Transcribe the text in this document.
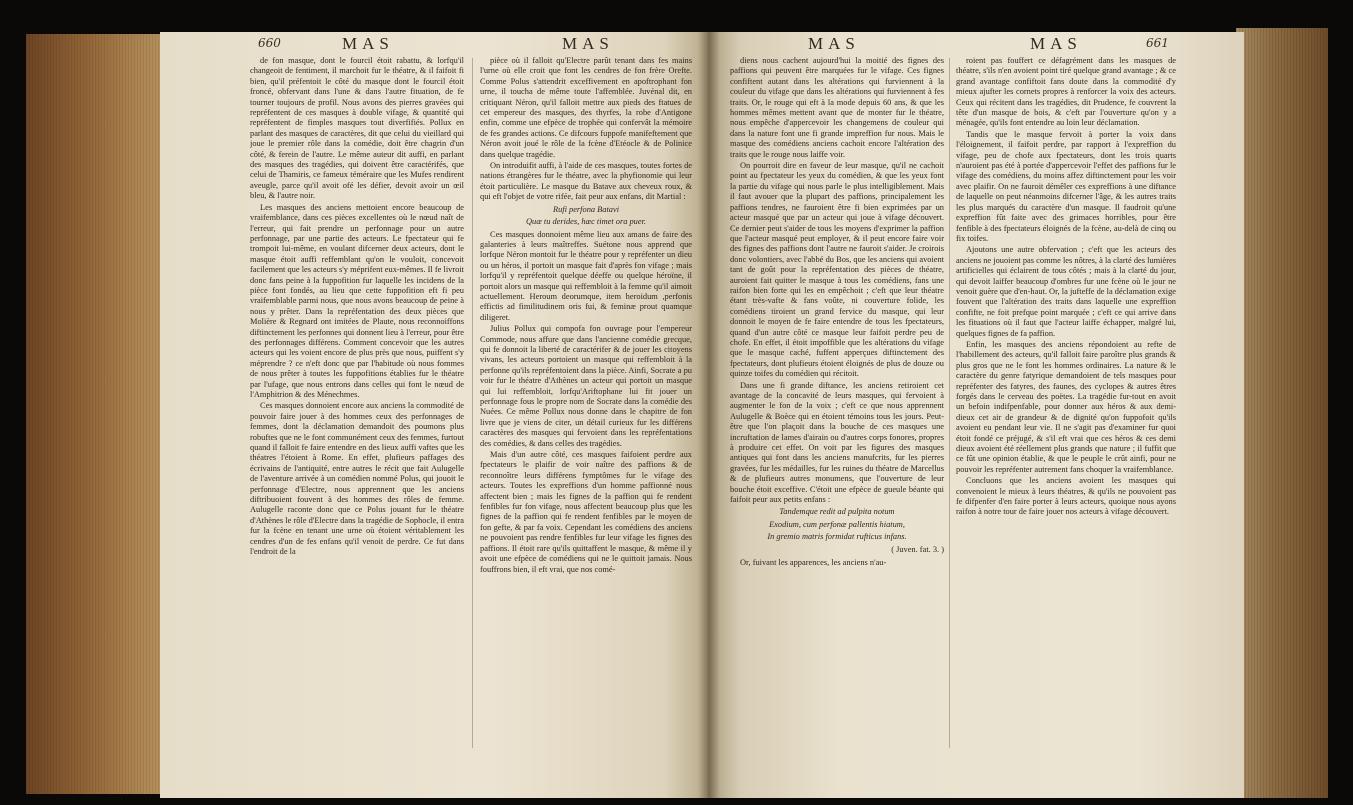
660	MAS	MAS	MAS	MAS	661

de fon masque, dont le fourcil étoit rabattu, & lorfqu'il changeoit de fentiment, il marchoit fur le théatre, & il faifoit fi bien, qu'il préfentoit le côté du masque dont le fourcil étoit froncé, obfervant dans l'une & dans l'autre fituation, de fe tourner toujours de profil. Nous avons des pierres gravées qui repréfentent de ces masques à double vifage, & quantité qui repréfentent de fimples masques tout diverfifiés. Pollux en parlant des masques de caractères, dit que celui du vieillard qui joue le premier rôle dans la comédie, doit être chagrin d'un côté, & ferein de l'autre. Le même auteur dit auffi, en parlant des masques des tragédies, qui doivent être caractérifés, que celui de Thamiris, ce fameux téméraire que les Mufes rendirent aveugle, parce qu'il avoit ofé les défier, devoit avoir un œil bleu, & l'autre noir.

Les masques des anciens mettoient encore beaucoup de vraifemblance, dans ces pièces excellentes où le nœud naît de l'erreur, qui fait prendre un perfonnage pour un autre perfonnage, par une partie des acteurs. Le fpectateur qui fe trompoit lui-même, en voulant difcerner deux acteurs, dont le masque étoit auffi reffemblant qu'on le vouloit, concevoit facilement que les acteurs s'y méprifent eux-mêmes. Il fe livroit donc fans peine à la fuppofition fur laquelle les incidens de la pièce font fondés, au lieu que cette fuppofition eft fi peu vraifemblable parmi nous, que nous avons beaucoup de peine à nous y prêter. Dans la repréfentation des deux pièces que Molière & Regnard ont imitées de Plaute, nous reconnoiffons diftinctement les perfonnes qui donnent lieu à l'erreur, pour être des perfonnages différens. Comment concevoir que les autres acteurs qui les voient encore de plus près que nous, puiffent s'y méprendre ? ce n'eft donc que par l'habitude où nous fommes de nous prêter à toutes les fuppofitions établies fur le théatre par l'ufage, que nous entrons dans celles qui font le nœud de l'Amphitrion & des Ménechmes.

Ces masques donnoient encore aux anciens la commodité de pouvoir faire jouer à des hommes ceux des perfonnages de femmes, dont la déclamation demandoit des poumons plus robuftes que ne le font communément ceux des femmes, furtout quand il falloit fe faire entendre en des lieux auffi vaftes que les théatres l'étoient à Rome. En effet, plufieurs paffages des écrivains de l'antiquité, entre autres le récit que fait Aulugelle de l'aventure arrivée à un comédien nommé Polus, qui jouoit le perfonnage d'Electre, nous apprennent que les anciens diftribuoient fouvent à des hommes des rôles de femme. Aulugelle raconte donc que ce Polus jouant fur le théatre d'Athènes le rôle d'Electre dans la tragédie de Sophocle, il entra fur la fcène en tenant une urne où étoient véritablement les cendres d'un de fes enfans qu'il venoit de perdre. Ce fut dans l'endroit de la

pièce où il falloit qu'Electre parût tenant dans fes mains l'urne où elle croit que font les cendres de fon frère Orefte. Comme Polus s'attendrit exceffivement en apoftrophant fon urne, il toucha de même toute l'affemblée. Juvénal dit, en critiquant Néron, qu'il falloit mettre aux pieds des ftatues de cet empereur des masques, des thyrfes, la robe d'Antigone enfin, comme une efpèce de trophée qui confervât la mémoire de fes grandes actions. Ce difcours fuppofe manifeftement que Néron avoit joué le rôle de la fcène d'Etéocle & de Polinice dans quelque tragédie.

On introduifit auffi, à l'aide de ces masques, toutes fortes de nations étrangères fur le théatre, avec la phyfionomie qui leur étoit particulière. Le masque du Batave aux cheveux roux, & qui eft l'objet de votre rifée, fait peur aux enfans, dit Martial :

Rufi perfona Batavi

Quæ tu derides, hæc timet ora puer.

Ces masques donnoient même lieu aux amans de faire des galanteries à leurs maîtreffes. Suétone nous apprend que lorfque Néron montoit fur le théatre pour y repréfenter un dieu ou un héros, il portoit un masque fait d'après fon vifage ; mais lorfqu'il y repréfentoit quelque déeffe ou quelque héroïne, il portoit alors un masque qui reffembloit à la femme qu'il aimoit actuellement. Heroum deorumque, item heroidum ,perfonis effictis ad fimilitudinem oris fui, & feminæ prout quamque diligeret.

Julius Pollux qui compofa fon ouvrage pour l'empereur Commode, nous affure que dans l'ancienne comédie grecque, qui fe donnoit la liberté de caractérifer & de jouer les citoyens vivans, les acteurs portoient un masque qui reffembloit à la perfonne qu'ils repréfentoient dans la pièce. Ainfi, Socrate a pu voir fur le théatre d'Athènes un acteur qui portoit un masque qui lui reffembloit, lorfqu'Ariftophane lui fit jouer un perfonnage fous le propre nom de Socrate dans la comédie des Nuées. Ce même Pollux nous donne dans le chapitre de fon livre que je viens de citer, un détail curieux fur les différens caractères des masques qui fervoient dans les repréfentations des comédies, & dans celles des tragédies.

Mais d'un autre côté, ces masques faifoient perdre aux fpectateurs le plaifir de voir naître des paffions & de reconnoître leurs différens fymptômes fur le vifage des acteurs. Toutes les expreffions d'un homme paffionné nous affectent bien ; mais les fignes de la paffion qui fe rendent fenfibles fur fon vifage, nous affectent beaucoup plus que les fignes de la paffion qui fe rendent fenfibles par le moyen de fon gefte, & par fa voix. Cependant les comédiens des anciens ne pouvoient pas rendre fenfibles fur leur vifage les fignes des paffions. Il étoit rare qu'ils quittaffent le masque, & même il y avoit une efpèce de comédiens qui ne le quittoit jamais. Nous fouffrons bien, il eft vrai, que nos comé-

diens nous cachent aujourd'hui la moitié des fignes des paffions qui peuvent être marquées fur le vifage. Ces fignes confiftent autant dans les altérations qui furviennent à la couleur du vifage que dans les altérations qui furviennent à fes traits. Or, le rouge qui eft à la mode depuis 60 ans, & que les hommes mêmes mettent avant que de monter fur le théatre, nous empêche d'appercevoir les changemens de couleur qui dans la nature font une fi grande impreffion fur nous. Mais le masque des comédiens anciens cachoit encore l'altération des traits que le rouge nous laiffe voir.

On pourroit dire en faveur de leur masque, qu'il ne cachoit point au fpectateur les yeux du comédien, & que les yeux font la partie du vifage qui nous parle le plus intelligiblement. Mais il faut avouer que la plupart des paffions, principalement les paffions tendres, ne fauroient être fi bien exprimées par un acteur masqué que par un acteur qui joue à vifage découvert. Ce dernier peut s'aider de tous les moyens d'exprimer la paffion que l'acteur masqué peut employer, & il peut encore faire voir des fignes des paffions dont l'autre ne fauroit s'aider. Je croirois donc volontiers, avec l'abbé du Bos, que les anciens qui avoient tant de goût pour la repréfentation des pièces de théatre, auroient fait quitter le masque à tous les comédiens, fans une raifon bien forte qui les en empêchoit ; c'eft que leur théatre étant très-vafte & fans voûte, ni couverture folide, les comédiens tiroient un grand fervice du masque, qui leur donnoit le moyen de fe faire entendre de tous les fpectateurs, quand d'un autre côté ce masque leur faifoit perdre peu de chofe. En effet, il étoit impoffible que les altérations du vifage que le masque caché, fuffent apperçues diftinctement des fpectateurs, dont plufieurs étoient éloignés de plus de douze ou quinze toifes du comédien qui récitoit.

Dans une fi grande diftance, les anciens retiroient cet avantage de la concavité de leurs masques, qui fervoient à augmenter le fon de la voix ; c'eft ce que nous apprennent Aulugelle & Boèce qui en étoient témoins tous les jours. Peut-être que l'on plaçoit dans la bouche de ces masques une incruftation de lames d'airain ou d'autres corps fonores, propres à produire cet effet. On voit par les figures des masques antiques qui font dans les anciens manufcrits, fur les pierres gravées, fur les médailles, fur les ruines du théatre de Marcellus & de plufieurs autres monumens, que l'ouverture de leur bouche étoit exceffive. C'étoit une efpèce de gueule béante qui faifoit peur aux petits enfans :

Tandemque redit ad pulpita notum

Exodium, cum perfonæ pallentis hiatum,

In gremio matris formidat rufticus infans.

( Juven. fat. 3. )

Or, fuivant les apparences, les anciens n'au-

roient pas fouffert ce défagrément dans les masques de théatre, s'ils n'en avoient point tiré quelque grand avantage ; & ce grand avantage confiftoit fans doute dans la commodité d'y mieux ajufter les cornets propres à renforcer la voix des acteurs. Ceux qui récitent dans les tragédies, dit Prudence, fe couvrent la tête d'un masque de bois, & c'eft par l'ouverture qu'on y a ménagée, qu'ils font entendre au loin leur déclamation.

Tandis que le masque fervoit à porter la voix dans l'éloignement, il faifoit perdre, par rapport à l'expreffion du vifage, peu de chofe aux fpectateurs, dont les trois quarts n'auroient pas été à portée d'appercevoir l'effet des paffions fur le vifage des comédiens, du moins affez diftinctement pour les voir avec plaifir. On ne fauroit démêler ces expreffions à une diftance de laquelle on peut néanmoins difcerner l'âge, & les autres traits les plus marqués du caractère d'un masque. Il faudroit qu'une expreffion fût faite avec des grimaces horribles, pour être fenfible à des fpectateurs éloignés de la fcène, au-delà de cinq ou fix toifes.

Ajoutons une autre obfervation ; c'eft que les acteurs des anciens ne jouoient pas comme les nôtres, à la clarté des lumières artificielles qui éclairent de tous côtés ; mais à la clarté du jour, qui devoit laiffer beaucoup d'ombres fur une fcène où le jour ne venoit guère que d'en-haut. Or, la jufteffe de la déclamation exige fouvent que l'altération des traits dans laquelle une expreffion confifte, ne foit prefque point marquée ; c'eft ce qui arrive dans les fituations où il faut que l'acteur laiffe échapper, malgré lui, quelques fignes de fa paffion.

Enfin, les masques des anciens répondoient au refte de l'habillement des acteurs, qu'il falloit faire paroître plus grands & plus gros que ne le font les hommes ordinaires. La nature & le caractère du genre fatyrique demandoient de tels masques pour repréfenter des fatyres, des faunes, des cyclopes & autres êtres forgés dans le cerveau des poëtes. La tragédie fur-tout en avoit un befoin indifpenfable, pour donner aux héros & aux demi-dieux cet air de grandeur & de dignité qu'on fuppofoit qu'ils avoient eu pendant leur vie. Il ne s'agit pas d'examiner fur quoi étoit fondé ce préjugé, & s'il eft vrai que ces héros & ces demi dieux avoient été réellement plus grands que nature ; il fuffit que ce fût une opinion établie, & que le peuple le crût ainfi, pour ne pouvoir les repréfenter autrement fans choquer la vraifemblance.

Concluons que les anciens avoient les masques qui convenoient le mieux à leurs théatres, & qu'ils ne pouvoient pas fe difpenfer d'en faire porter à leurs acteurs, quoique nous ayons raifon à notre tour de faire jouer nos acteurs à vifage découvert.
